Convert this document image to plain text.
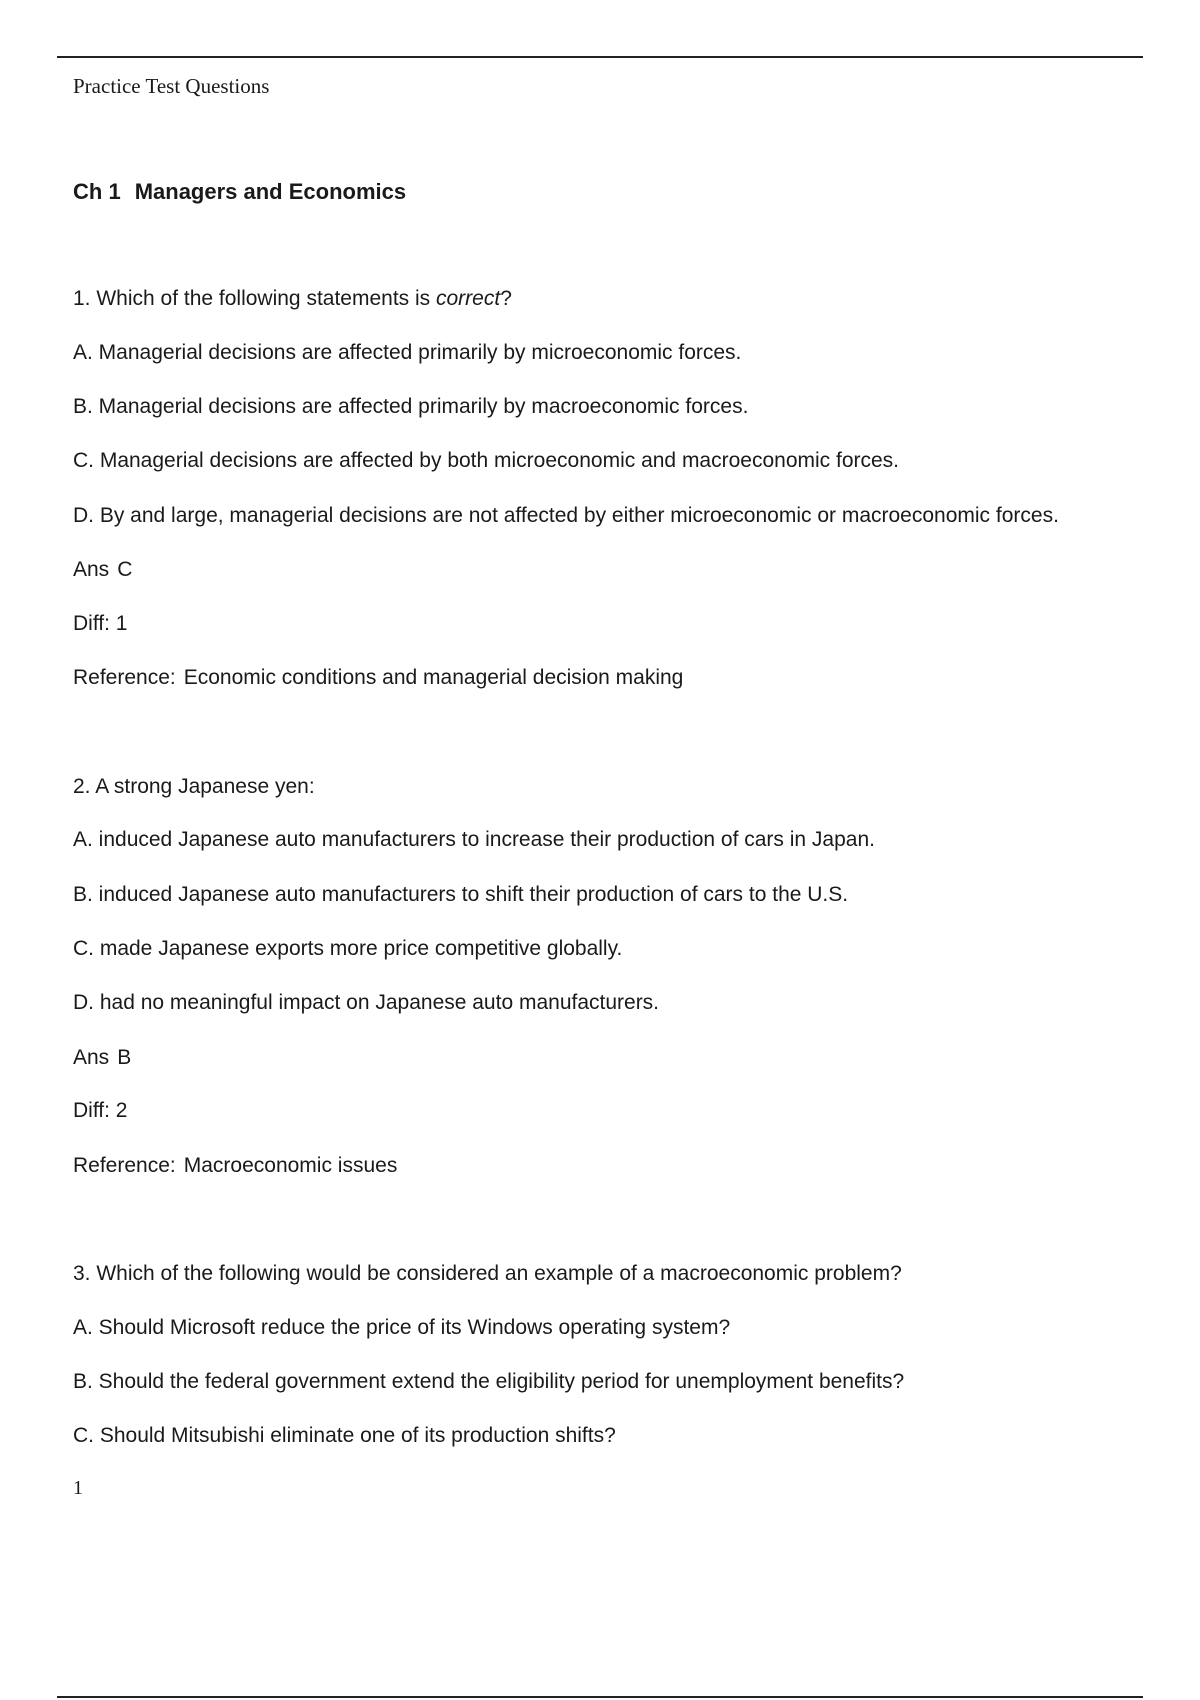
Practice Test Questions

Ch 1 Managers and Economics

1. Which of the following statements is correct?

A. Managerial decisions are affected primarily by microeconomic forces.

B. Managerial decisions are affected primarily by macroeconomic forces.

C. Managerial decisions are affected by both microeconomic and macroeconomic forces.

D. By and large, managerial decisions are not affected by either microeconomic or macroeconomic forces.

Ans C

Diff: 1

Reference: Economic conditions and managerial decision making

2. A strong Japanese yen:

A. induced Japanese auto manufacturers to increase their production of cars in Japan.

B. induced Japanese auto manufacturers to shift their production of cars to the U.S.

C. made Japanese exports more price competitive globally.

D. had no meaningful impact on Japanese auto manufacturers.

Ans B

Diff: 2

Reference: Macroeconomic issues

3. Which of the following would be considered an example of a macroeconomic problem?

A. Should Microsoft reduce the price of its Windows operating system?

B. Should the federal government extend the eligibility period for unemployment benefits?

C. Should Mitsubishi eliminate one of its production shifts?

1
